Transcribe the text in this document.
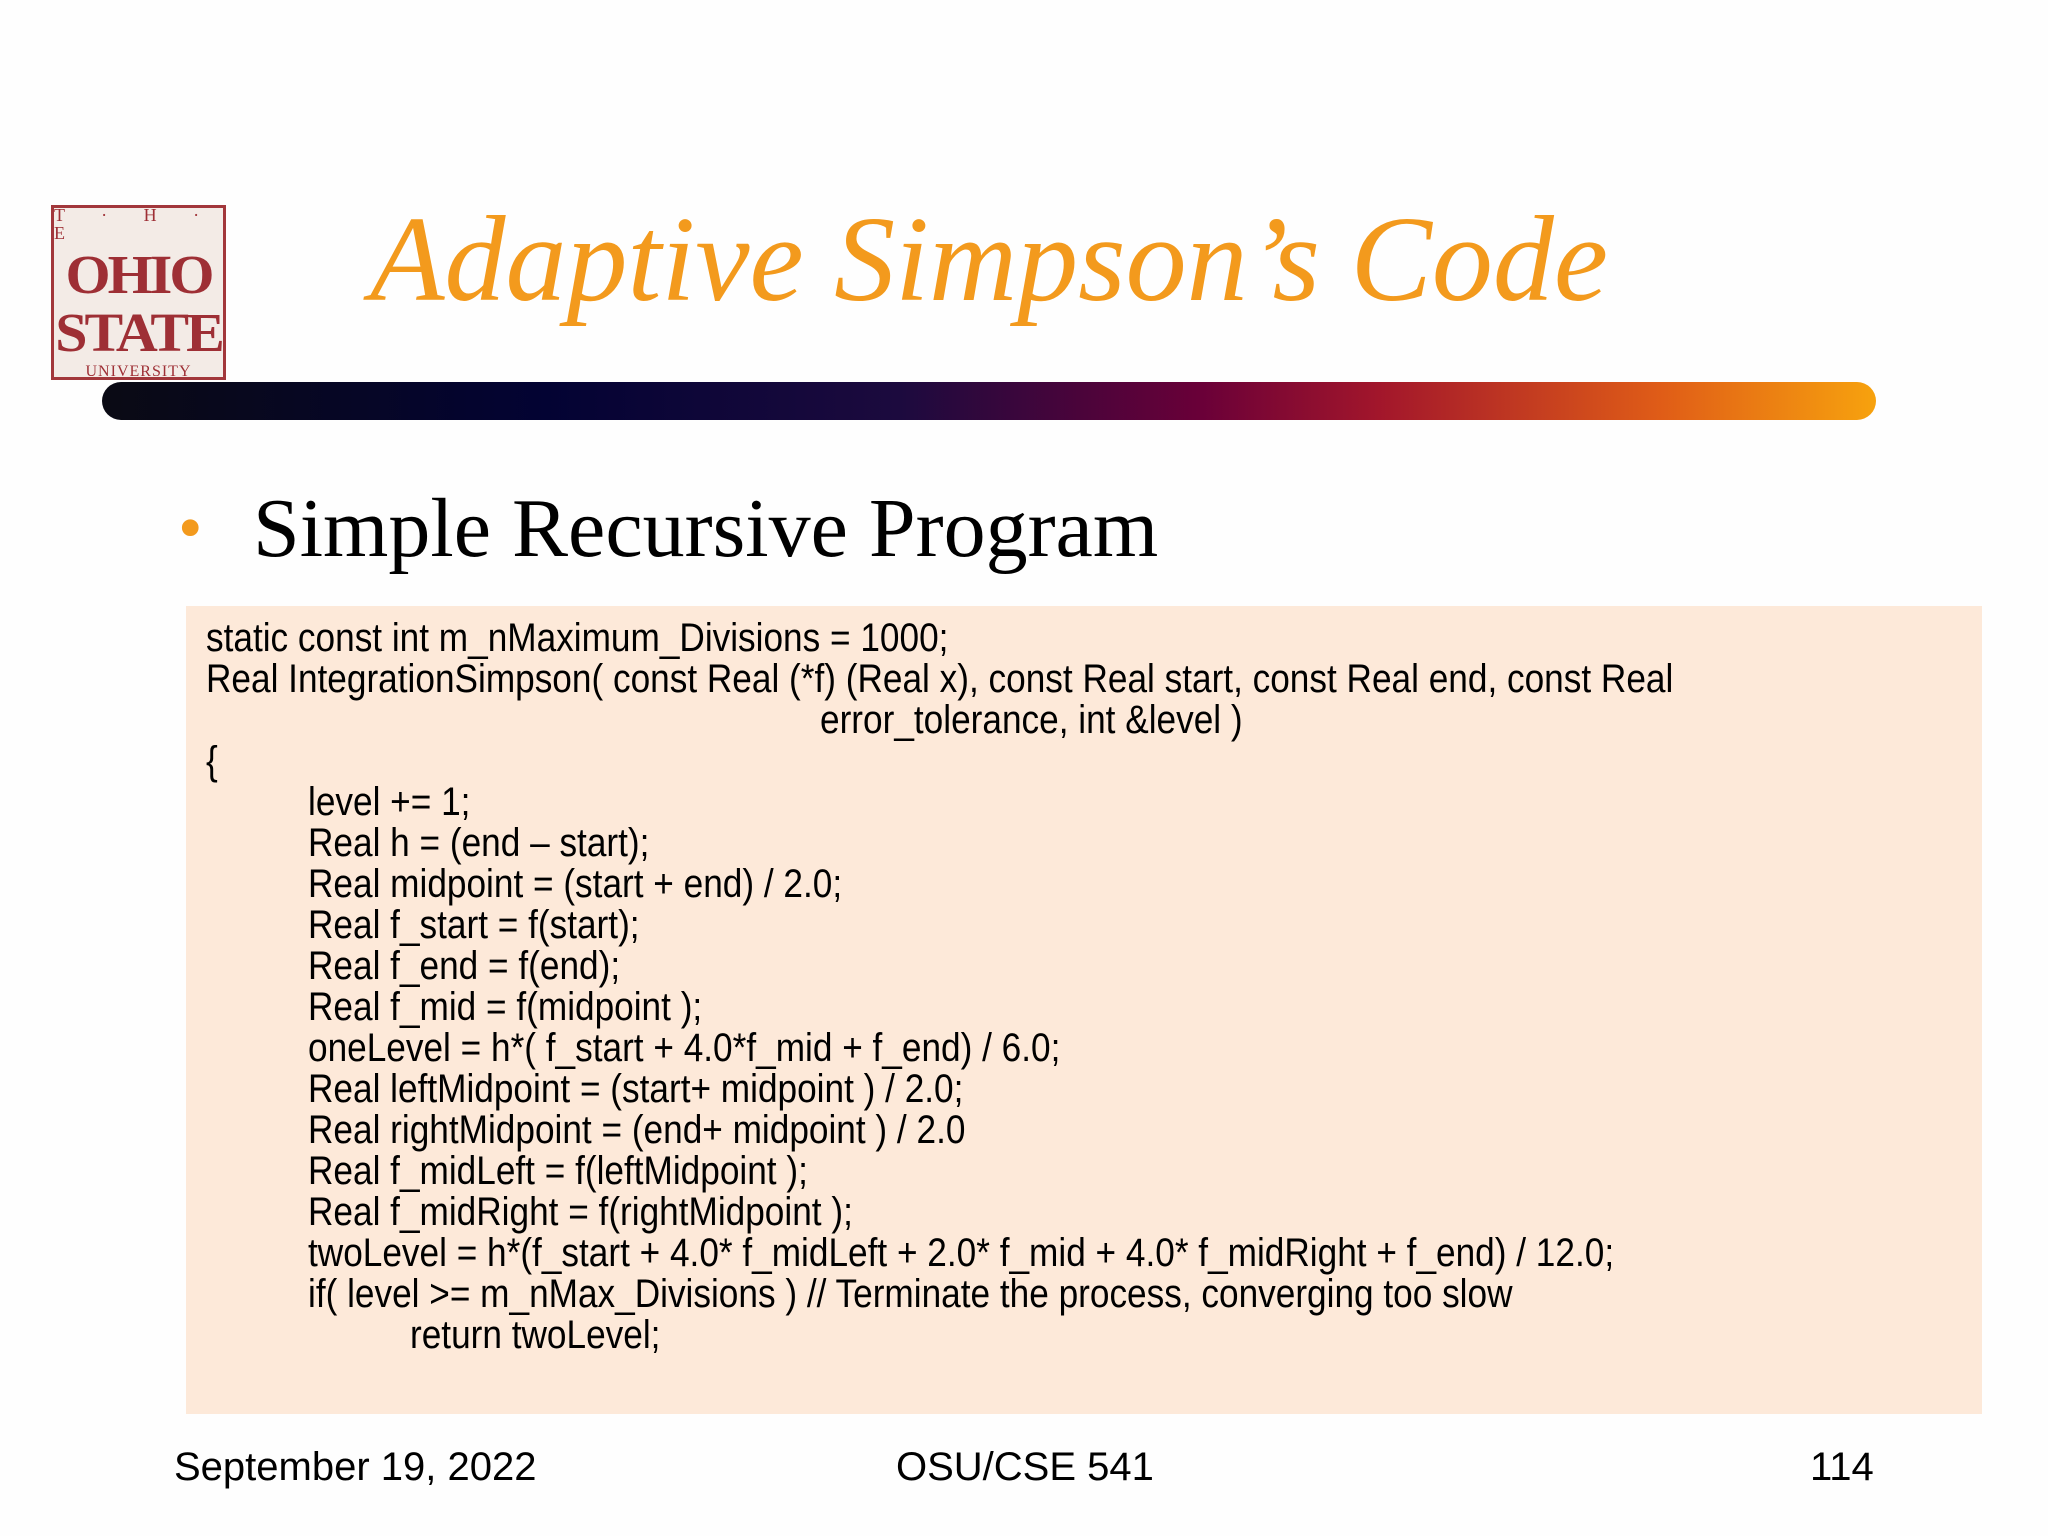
T · H · E
OHIO
STATE
UNIVERSITY
Adaptive Simpson’s Code
• Simple Recursive Program
static const int m_nMaximum_Divisions = 1000;
Real IntegrationSimpson( const Real (*f) (Real x), const Real start, const Real end, const Real
error_tolerance, int &level )
{
level += 1;
Real h = (end – start);
Real midpoint = (start + end) / 2.0;
Real f_start = f(start);
Real f_end = f(end);
Real f_mid = f(midpoint );
oneLevel = h*( f_start + 4.0*f_mid + f_end) / 6.0;
Real leftMidpoint = (start+ midpoint ) / 2.0;
Real rightMidpoint = (end+ midpoint ) / 2.0
Real f_midLeft = f(leftMidpoint );
Real f_midRight = f(rightMidpoint );
twoLevel = h*(f_start + 4.0* f_midLeft + 2.0* f_mid + 4.0* f_midRight + f_end) / 12.0;
if( level >= m_nMax_Divisions ) // Terminate the process, converging too slow
return twoLevel;
September 19, 2022	OSU/CSE 541	114
